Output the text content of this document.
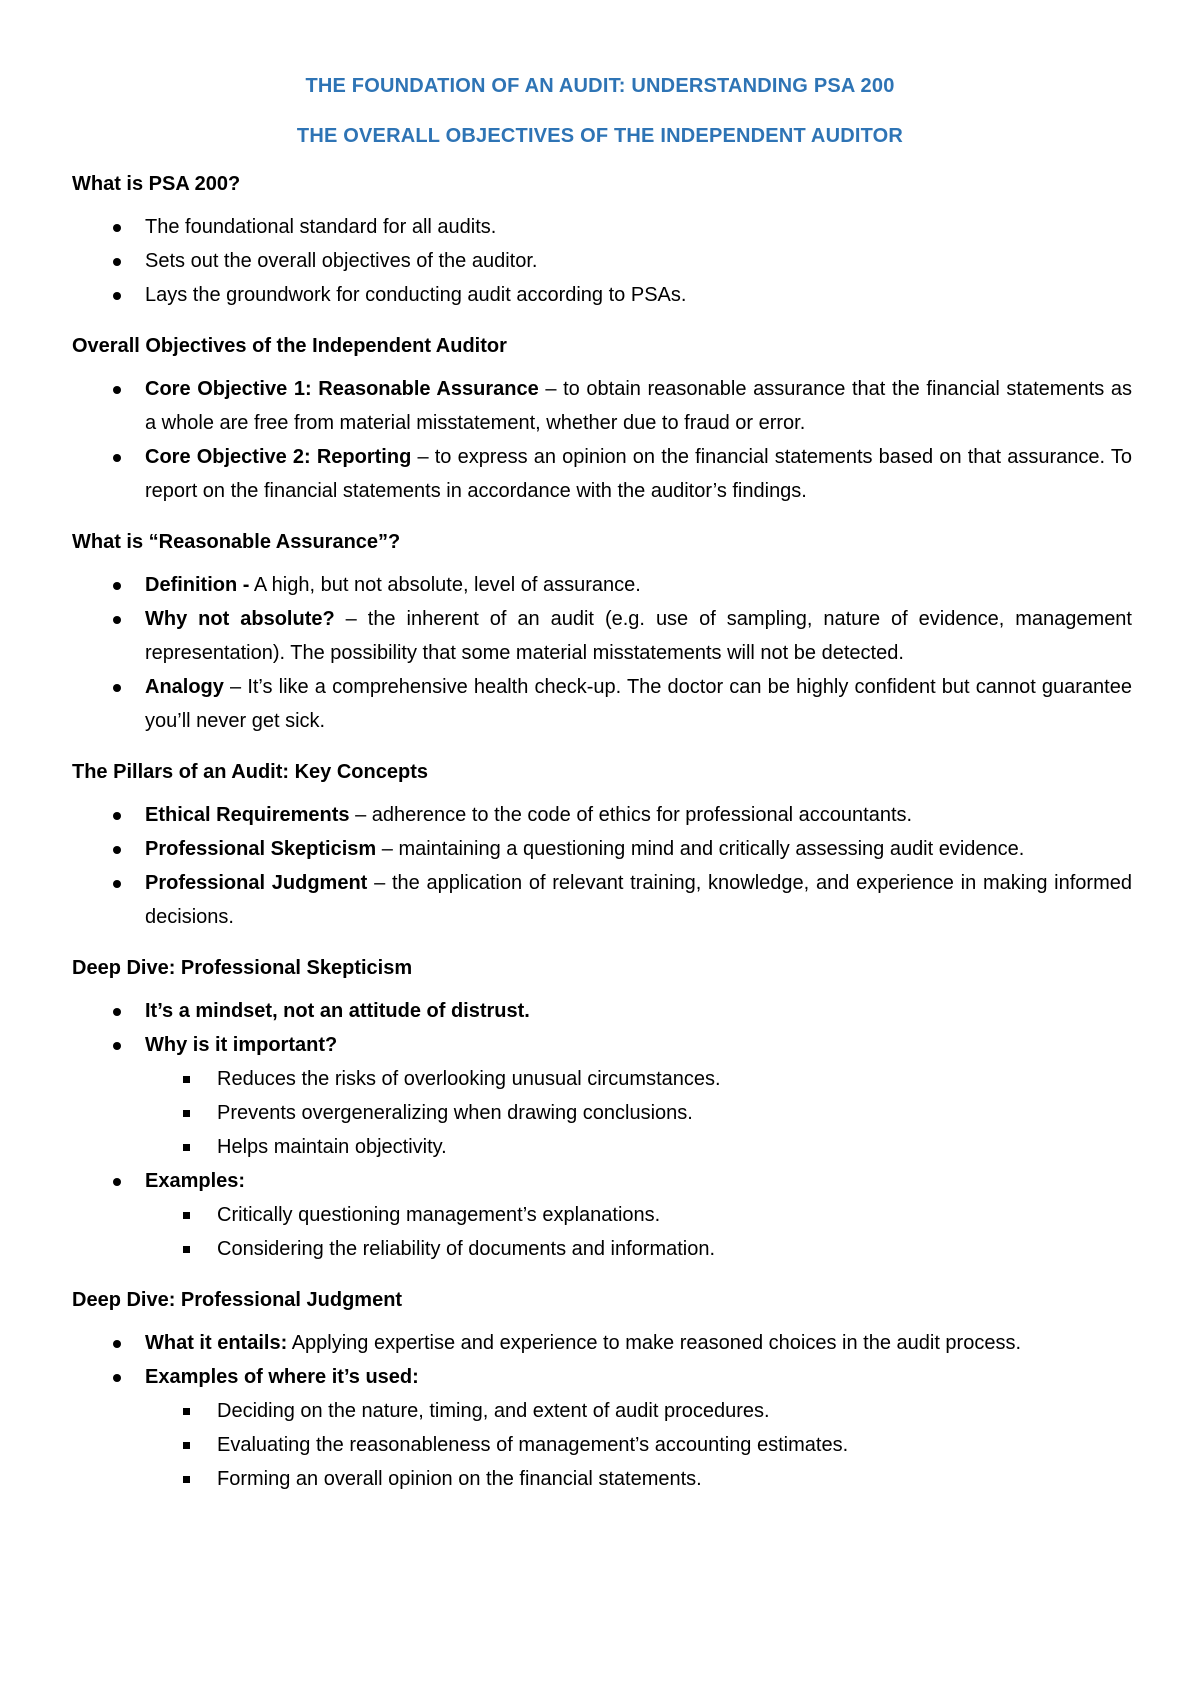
THE FOUNDATION OF AN AUDIT: UNDERSTANDING PSA 200
THE OVERALL OBJECTIVES OF THE INDEPENDENT AUDITOR
What is PSA 200?
The foundational standard for all audits.
Sets out the overall objectives of the auditor.
Lays the groundwork for conducting audit according to PSAs.
Overall Objectives of the Independent Auditor
Core Objective 1: Reasonable Assurance – to obtain reasonable assurance that the financial statements as a whole are free from material misstatement, whether due to fraud or error.
Core Objective 2: Reporting – to express an opinion on the financial statements based on that assurance. To report on the financial statements in accordance with the auditor’s findings.
What is “Reasonable Assurance”?
Definition - A high, but not absolute, level of assurance.
Why not absolute? – the inherent of an audit (e.g. use of sampling, nature of evidence, management representation). The possibility that some material misstatements will not be detected.
Analogy – It’s like a comprehensive health check-up. The doctor can be highly confident but cannot guarantee you’ll never get sick.
The Pillars of an Audit: Key Concepts
Ethical Requirements – adherence to the code of ethics for professional accountants.
Professional Skepticism – maintaining a questioning mind and critically assessing audit evidence.
Professional Judgment – the application of relevant training, knowledge, and experience in making informed decisions.
Deep Dive: Professional Skepticism
It’s a mindset, not an attitude of distrust.
Why is it important?
Reduces the risks of overlooking unusual circumstances.
Prevents overgeneralizing when drawing conclusions.
Helps maintain objectivity.
Examples:
Critically questioning management’s explanations.
Considering the reliability of documents and information.
Deep Dive: Professional Judgment
What it entails: Applying expertise and experience to make reasoned choices in the audit process.
Examples of where it’s used:
Deciding on the nature, timing, and extent of audit procedures.
Evaluating the reasonableness of management’s accounting estimates.
Forming an overall opinion on the financial statements.
